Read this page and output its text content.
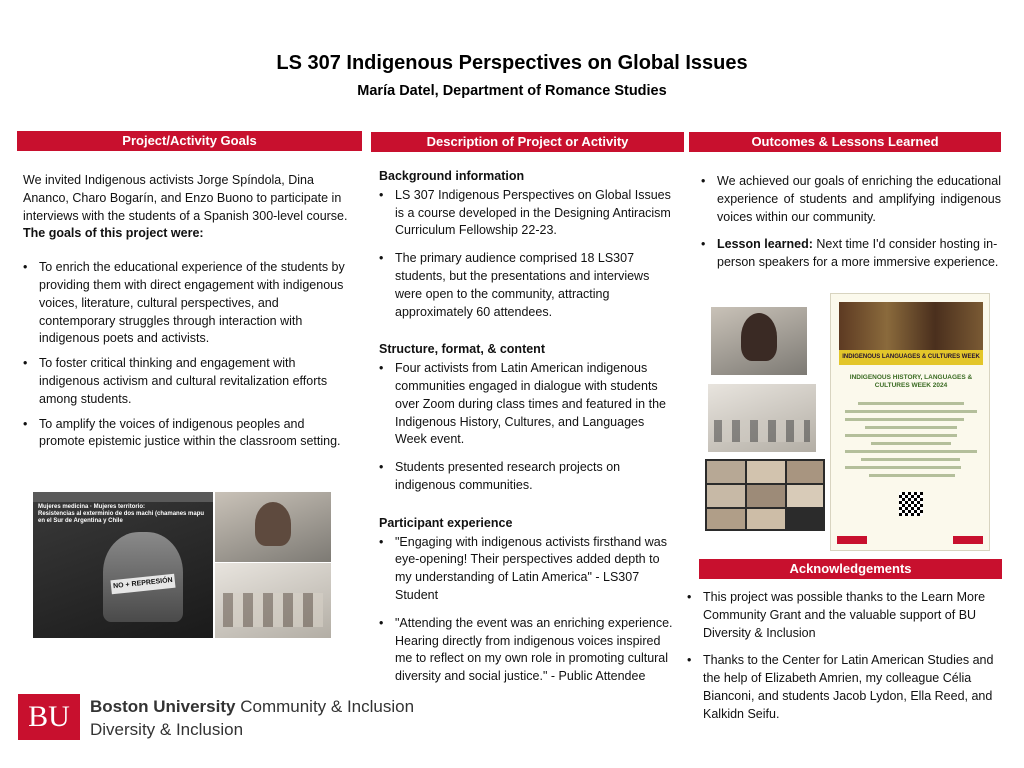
LS 307 Indigenous Perspectives on Global Issues
María Datel, Department of Romance Studies
Project/Activity Goals

We invited Indigenous activists Jorge Spíndola, Dina Ananco, Charo Bogarín, and Enzo Buono to participate in interviews with the students of a Spanish 300-level course. The goals of this project were:

• To enrich the educational experience of the students by providing them with direct engagement with indigenous voices, literature, cultural perspectives, and contemporary struggles through interaction with indigenous poets and activists.
• To foster critical thinking and engagement with indigenous activism and cultural revitalization efforts among students.
• To amplify the voices of indigenous peoples and promote epistemic justice within the classroom setting.
Mujeres medicina · Mujeres territorio:
Resistencias al exterminio de dos machi (chamanes mapu en el Sur de Argentina y Chile
NO + REPRESIÓN
Description of Project or Activity
Background information
• LS 307 Indigenous Perspectives on Global Issues is a course developed in the Designing Antiracism Curriculum Fellowship 22-23.
• The primary audience comprised 18 LS307 students, but the presentations and interviews were open to the community, attracting approximately 60 attendees.
Structure, format, & content
• Four activists from Latin American indigenous communities engaged in dialogue with students over Zoom during class times and featured in the Indigenous History, Cultures, and Languages Week event.
• Students presented research projects on indigenous communities.
Participant experience
• "Engaging with indigenous activists firsthand was eye-opening! Their perspectives added depth to my understanding of Latin America" - LS307 Student
• "Attending the event was an enriching experience. Hearing directly from indigenous voices inspired me to reflect on my own role in promoting cultural diversity and social justice." - Public Attendee
Outcomes & Lessons Learned
• We achieved our goals of enriching the educational experience of students and amplifying indigenous voices within our community.
• Lesson learned: Next time I'd consider hosting in-person speakers for a more immersive experience.
INDIGENOUS LANGUAGES & CULTURES WEEK
INDIGENOUS HISTORY, LANGUAGES & CULTURES WEEK 2024
Acknowledgements
• This project was possible thanks to the Learn More Community Grant and the valuable support of BU Diversity & Inclusion
• Thanks to the Center for Latin American Studies and the help of Elizabeth Amrien, my colleague Célia Bianconi, and students Jacob Lydon, Ella Reed, and Kalkidn Seifu.
BU	Boston University Community & Inclusion
Diversity & Inclusion
